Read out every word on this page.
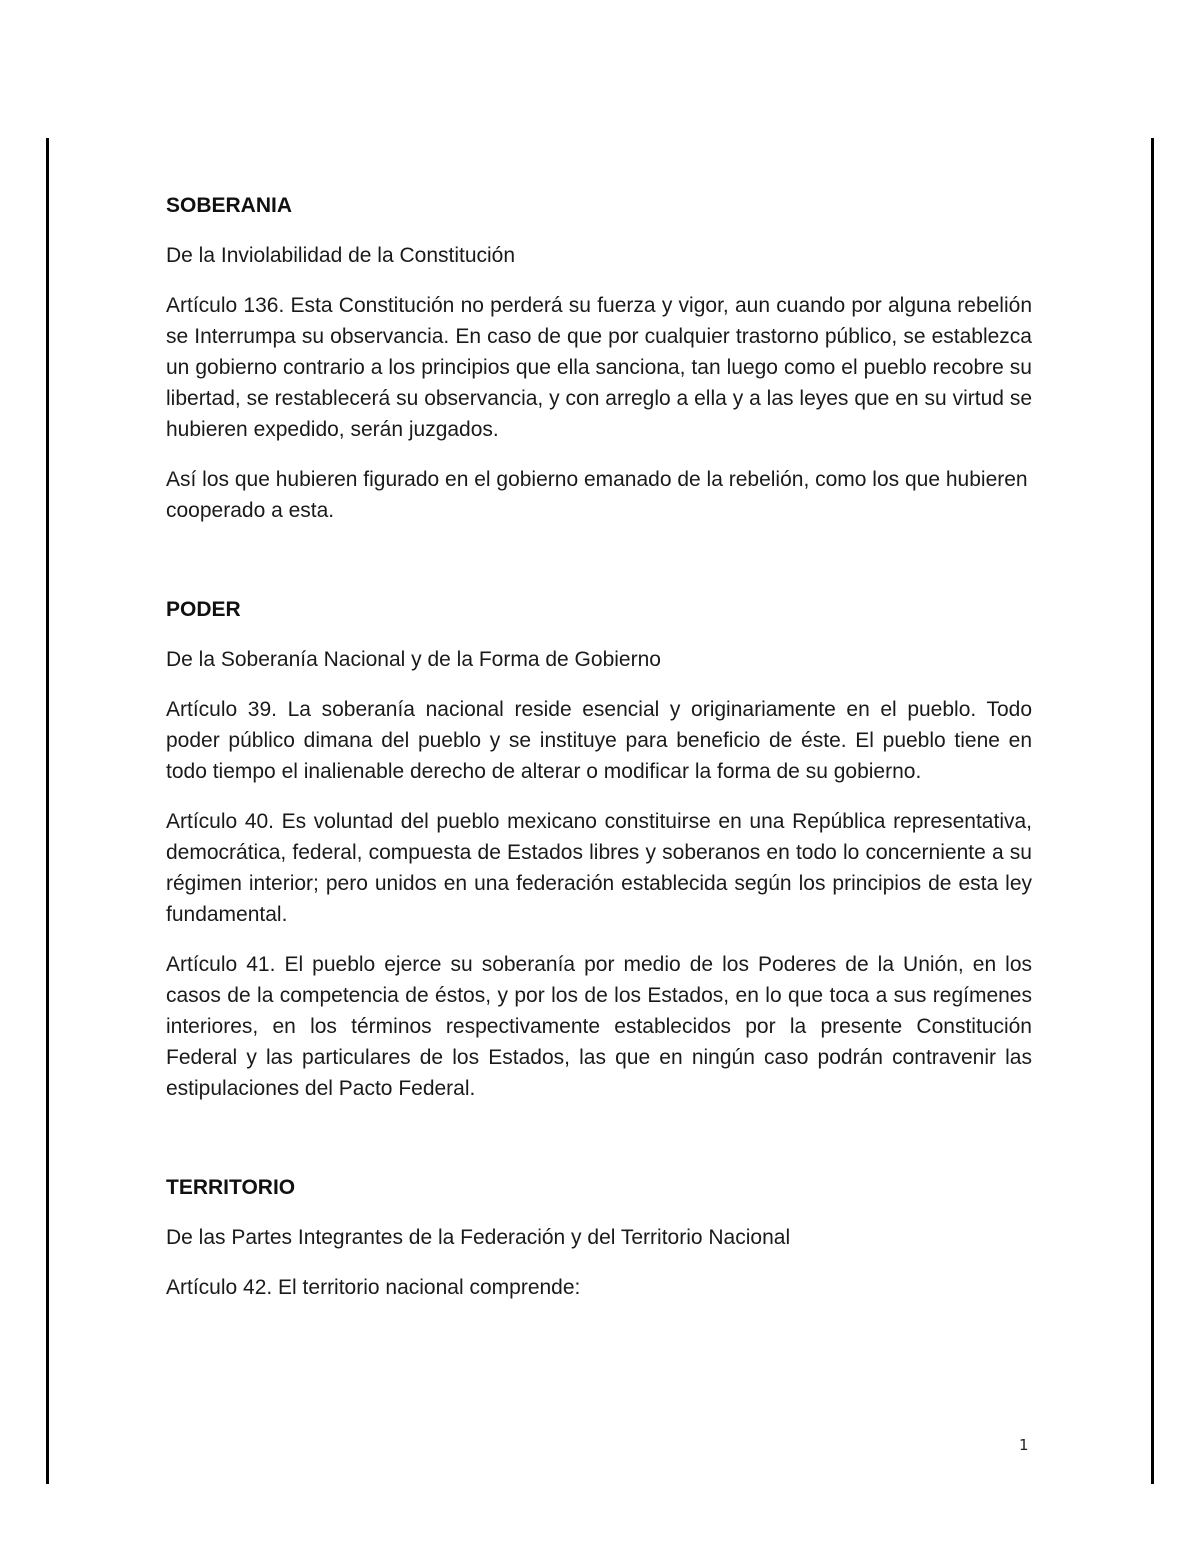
SOBERANIA

De la Inviolabilidad de la Constitución

Artículo 136. Esta Constitución no perderá su fuerza y vigor, aun cuando por alguna rebelión se Interrumpa su observancia. En caso de que por cualquier trastorno público, se establezca un gobierno contrario a los principios que ella sanciona, tan luego como el pueblo recobre su libertad, se restablecerá su observancia, y con arreglo a ella y a las leyes que en su virtud se hubieren expedido, serán juzgados.

Así los que hubieren figurado en el gobierno emanado de la rebelión, como los que hubieren cooperado a esta.

PODER

De la Soberanía Nacional y de la Forma de Gobierno

Artículo 39. La soberanía nacional reside esencial y originariamente en el pueblo. Todo poder público dimana del pueblo y se instituye para beneficio de éste. El pueblo tiene en todo tiempo el inalienable derecho de alterar o modificar la forma de su gobierno.

Artículo 40. Es voluntad del pueblo mexicano constituirse en una República representativa, democrática, federal, compuesta de Estados libres y soberanos en todo lo concerniente a su régimen interior; pero unidos en una federación establecida según los principios de esta ley fundamental.

Artículo 41. El pueblo ejerce su soberanía por medio de los Poderes de la Unión, en los casos de la competencia de éstos, y por los de los Estados, en lo que toca a sus regímenes interiores, en los términos respectivamente establecidos por la presente Constitución Federal y las particulares de los Estados, las que en ningún caso podrán contravenir las estipulaciones del Pacto Federal.

TERRITORIO

De las Partes Integrantes de la Federación y del Territorio Nacional

Artículo 42. El territorio nacional comprende:

1
